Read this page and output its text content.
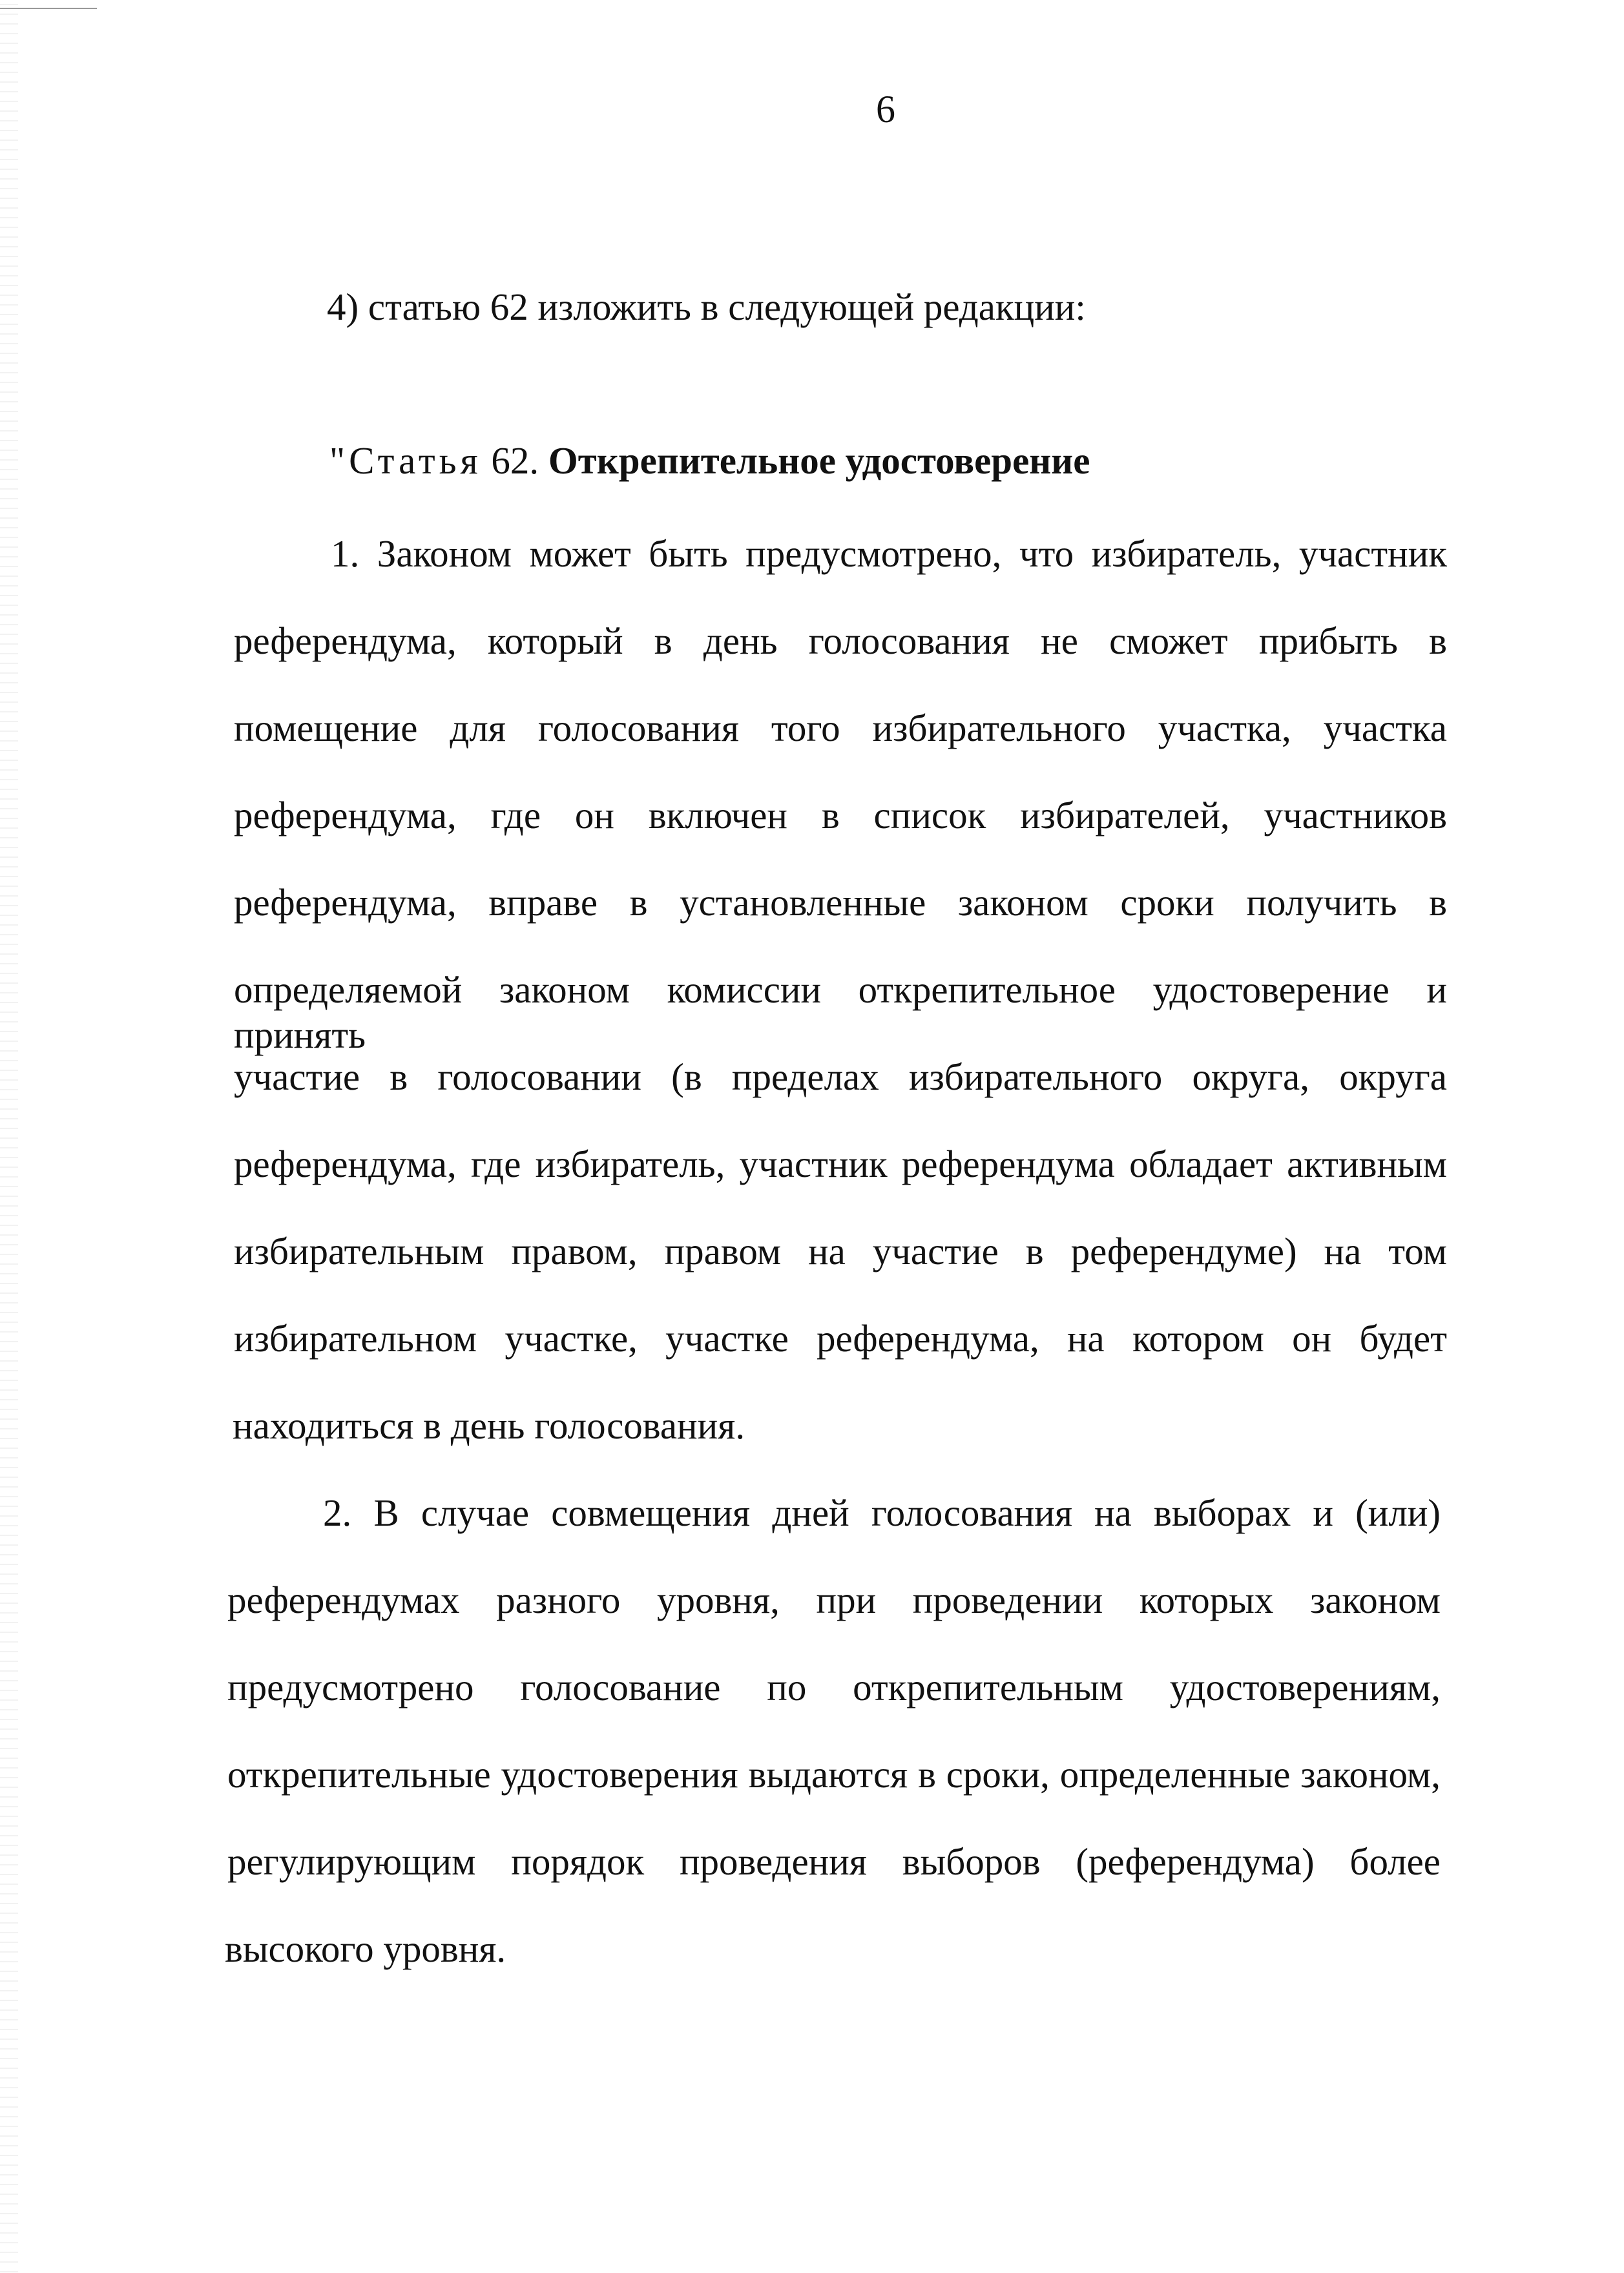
6
4) статью 62 изложить в следующей редакции:
"Статья 62. Открепительное удостоверение
1. Законом может быть предусмотрено, что избиратель, участник
референдума, который в день голосования не сможет прибыть в
помещение для голосования того избирательного участка, участка
референдума, где он включен в список избирателей, участников
референдума, вправе в установленные законом сроки получить в
определяемой законом комиссии открепительное удостоверение и принять
участие в голосовании (в пределах избирательного округа, округа
референдума, где избиратель, участник референдума обладает активным
избирательным правом, правом на участие в референдуме) на том
избирательном участке, участке референдума, на котором он будет
находиться в день голосования.
2. В случае совмещения дней голосования на выборах и (или)
референдумах разного уровня, при проведении которых законом
предусмотрено голосование по открепительным удостоверениям,
открепительные удостоверения выдаются в сроки, определенные законом,
регулирующим порядок проведения выборов (референдума) более
высокого уровня.
